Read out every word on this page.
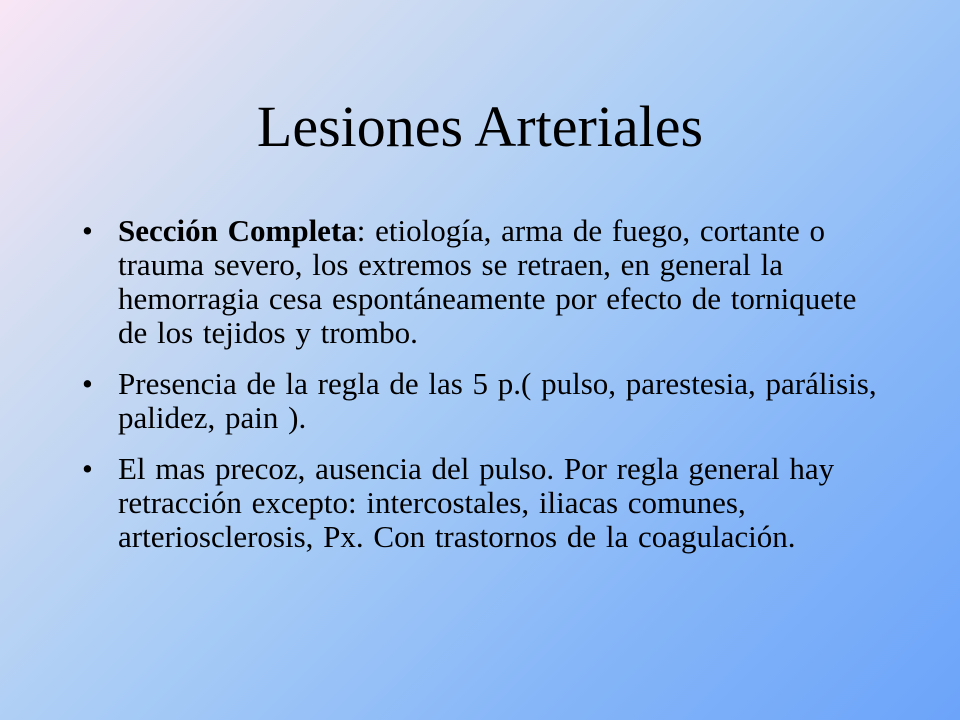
Lesiones Arteriales
• Sección Completa: etiología, arma de fuego, cortante o trauma severo, los extremos se retraen, en general la hemorragia cesa espontáneamente por efecto de torniquete de los tejidos y trombo.
• Presencia de la regla de las 5 p.( pulso, parestesia, parálisis, palidez, pain ).
• El mas precoz, ausencia del pulso. Por regla general hay retracción excepto: intercostales, iliacas comunes, arteriosclerosis, Px. Con trastornos de la coagulación.
